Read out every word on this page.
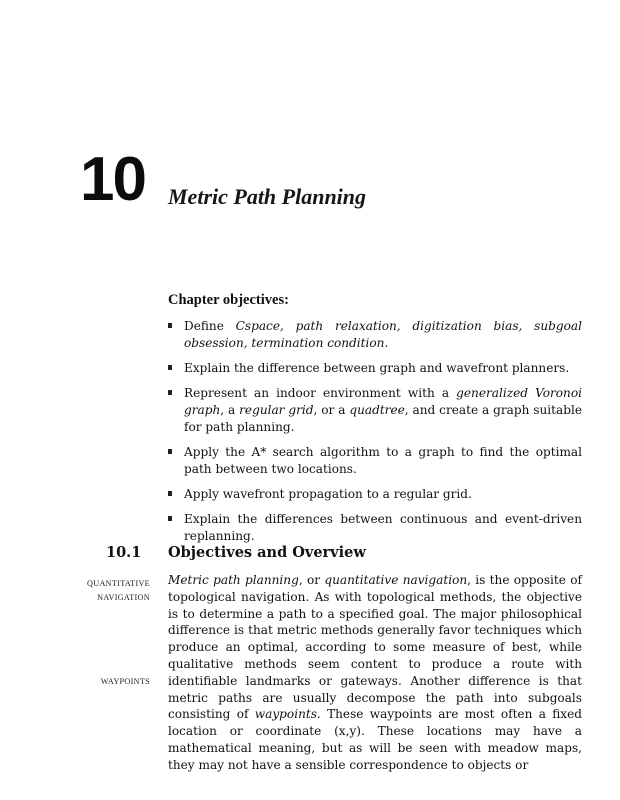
10 Metric Path Planning
Chapter objectives:
Define Cspace, path relaxation, digitization bias, subgoal obsession, termination condition.
Explain the difference between graph and wavefront planners.
Represent an indoor environment with a generalized Voronoi graph, a regular grid, or a quadtree, and create a graph suitable for path planning.
Apply the A* search algorithm to a graph to find the optimal path between two locations.
Apply wavefront propagation to a regular grid.
Explain the differences between continuous and event-driven replanning.
10.1 Objectives and Overview
QUANTITATIVE
NAVIGATION
WAYPOINTS

Metric path planning, or quantitative navigation, is the opposite of topological navigation. As with topological methods, the objective is to determine a path to a specified goal. The major philosophical difference is that metric methods generally favor techniques which produce an optimal, according to some measure of best, while qualitative methods seem content to produce a route with identifiable landmarks or gateways. Another difference is that metric paths are usually decompose the path into subgoals consisting of waypoints. These waypoints are most often a fixed location or coordinate (x,y). These locations may have a mathematical meaning, but as will be seen with meadow maps, they may not have a sensible correspondence to objects or
